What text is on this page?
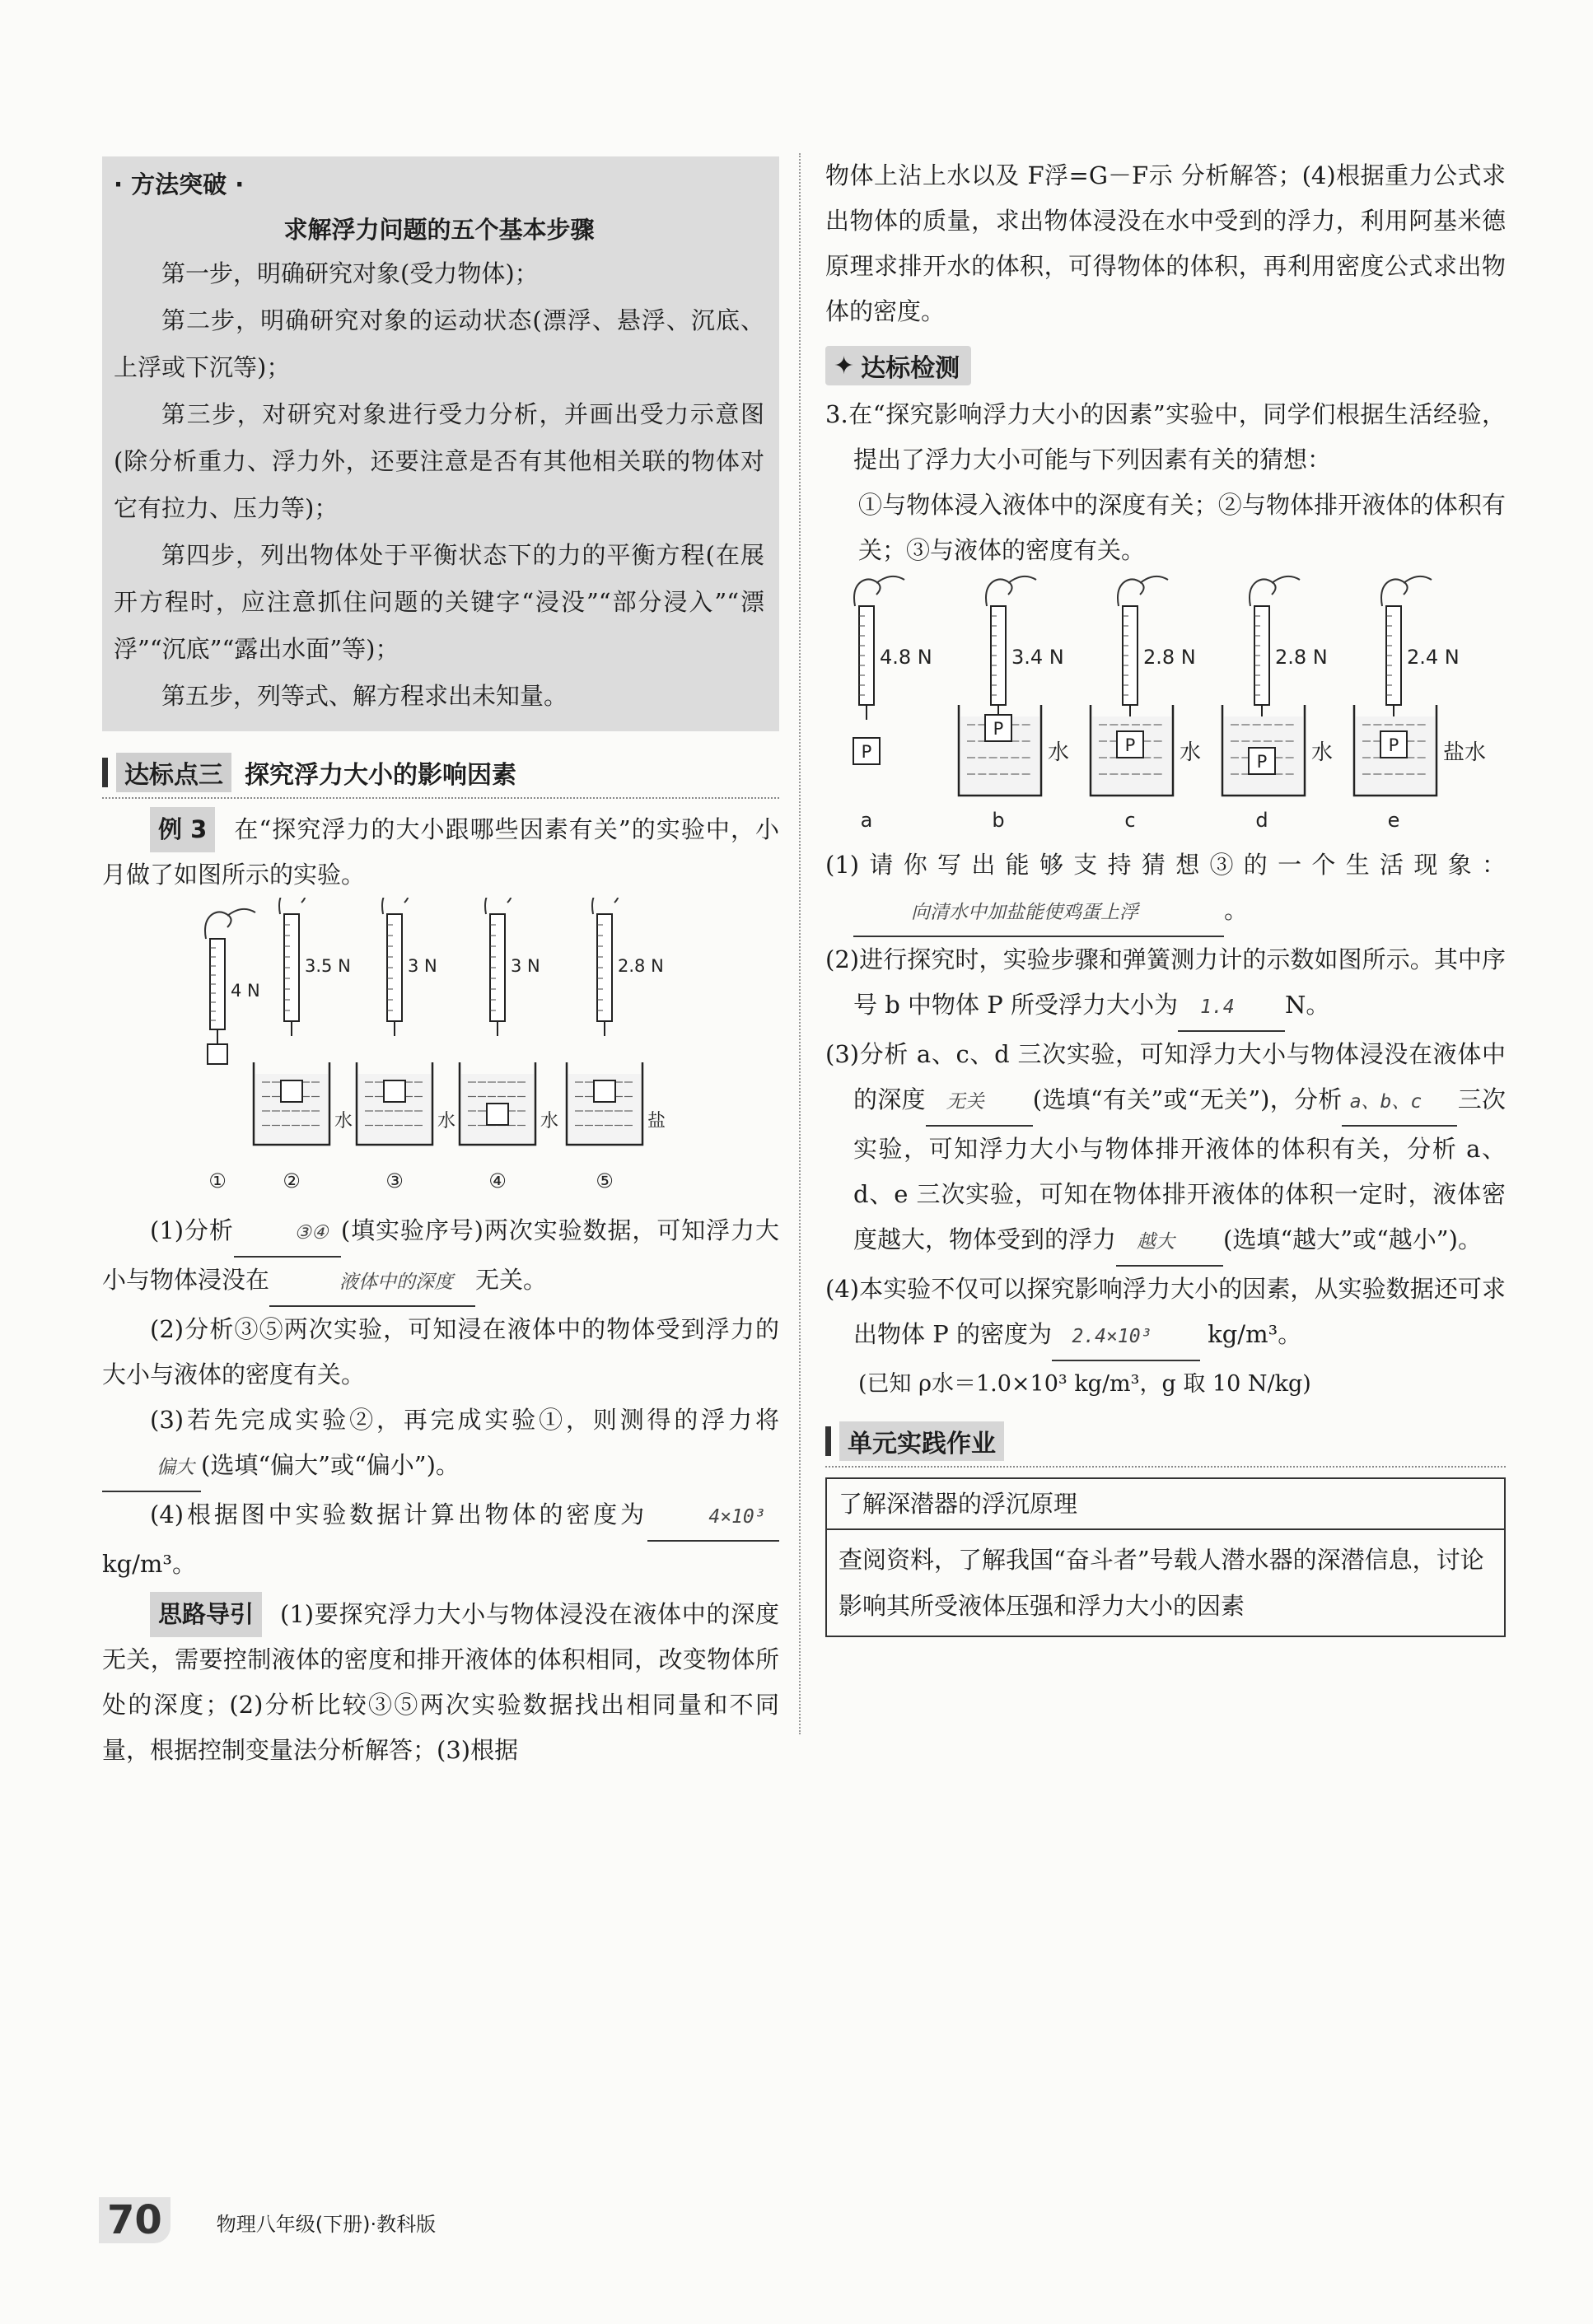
· 方法突破 ·
求解浮力问题的五个基本步骤

第一步，明确研究对象(受力物体)；

第二步，明确研究对象的运动状态(漂浮、悬浮、沉底、上浮或下沉等)；

第三步，对研究对象进行受力分析，并画出受力示意图(除分析重力、浮力外，还要注意是否有其他相关联的物体对它有拉力、压力等)；

第四步，列出物体处于平衡状态下的力的平衡方程(在展开方程时，应注意抓住问题的关键字“浸没”“部分浸入”“漂浮”“沉底”“露出水面”等)；

第五步，列等式、解方程求出未知量。

达标点三 探究浮力大小的影响因素

例 3 在“探究浮力的大小跟哪些因素有关”的实验中，小月做了如图所示的实验。

4 N
①
3.5 N
水
②
3 N
水
③
3 N
水
④
2.8 N
盐
⑤

(1)分析	③④ (填实验序号)两次实验数据，可知浮力大小与物体浸没在	液体中的深度 无关。

(2)分析③⑤两次实验，可知浸在液体中的物体受到浮力的大小与液体的密度有关。

(3)若先完成实验②，再完成实验①，则测得的浮力将偏大 (选填“偏大”或“偏小”)。

(4)根据图中实验数据计算出物体的密度为	4×10³ kg/m³。

思路导引 (1)要探究浮力大小与物体浸没在液体中的深度无关，需要控制液体的密度和排开液体的体积相同，改变物体所处的深度；(2)分析比较③⑤两次实验数据找出相同量和不同量，根据控制变量法分析解答；(3)根据

物体上沾上水以及 F浮=G－F示 分析解答；(4)根据重力公式求出物体的质量，求出物体浸没在水中受到的浮力，利用阿基米德原理求排开水的体积，可得物体的体积，再利用密度公式求出物体的密度。

✦ 达标检测

3.在“探究影响浮力大小的因素”实验中，同学们根据生活经验，提出了浮力大小可能与下列因素有关的猜想：

①与物体浸入液体中的深度有关；②与物体排开液体的体积有关；③与液体的密度有关。

4.8 N
P
a
3.4 N
P
水
b
2.8 N
P 水
c
2.8 N
P 水
d
2.4 N
P 盐水
e

(1)请你写出能够支持猜想③的一个生活现象：向清水中加盐能使鸡蛋上浮	。

(2)进行探究时，实验步骤和弹簧测力计的示数如图所示。其中序号 b 中物体 P 所受浮力大小为 1.4 N。

(3)分析 a、c、d 三次实验，可知浮力大小与物体浸没在液体中的深度 无关 (选填“有关”或“无关”)，分析 a、b、c 三次实验，可知浮力大小与物体排开液体的体积有关，分析 a、d、e 三次实验，可知在物体排开液体的体积一定时，液体密度越大，物体受到的浮力 越大 (选填“越大”或“越小”)。

(4)本实验不仅可以探究影响浮力大小的因素，从实验数据还可求出物体 P 的密度为 2.4×10³ kg/m³。

(已知 ρ水＝1.0×10³ kg/m³，g 取 10 N/kg)

单元实践作业
了解深潜器的浮沉原理
查阅资料，了解我国“奋斗者”号载人潜水器的深潜信息，讨论影响其所受液体压强和浮力大小的因素
70	物理八年级(下册)·教科版
